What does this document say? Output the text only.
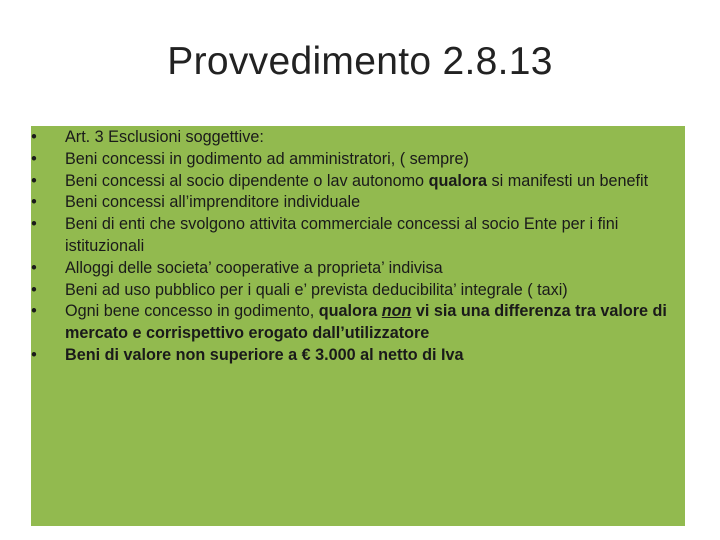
Provvedimento 2.8.13
• Art. 3 Esclusioni soggettive:
• Beni concessi in godimento ad amministratori, ( sempre)
• Beni concessi al socio dipendente o lav autonomo qualora si manifesti un benefit
• Beni concessi all’imprenditore individuale
• Beni di enti che svolgono attivita commerciale concessi al socio Ente per i fini istituzionali
• Alloggi delle societa’ cooperative a proprieta’ indivisa
• Beni ad uso pubblico per i quali e’ prevista deducibilita’ integrale ( taxi)
• Ogni bene concesso in godimento, qualora non vi sia una differenza tra valore di mercato e corrispettivo erogato dall’utilizzatore
• Beni di valore non superiore a € 3.000 al netto di Iva
